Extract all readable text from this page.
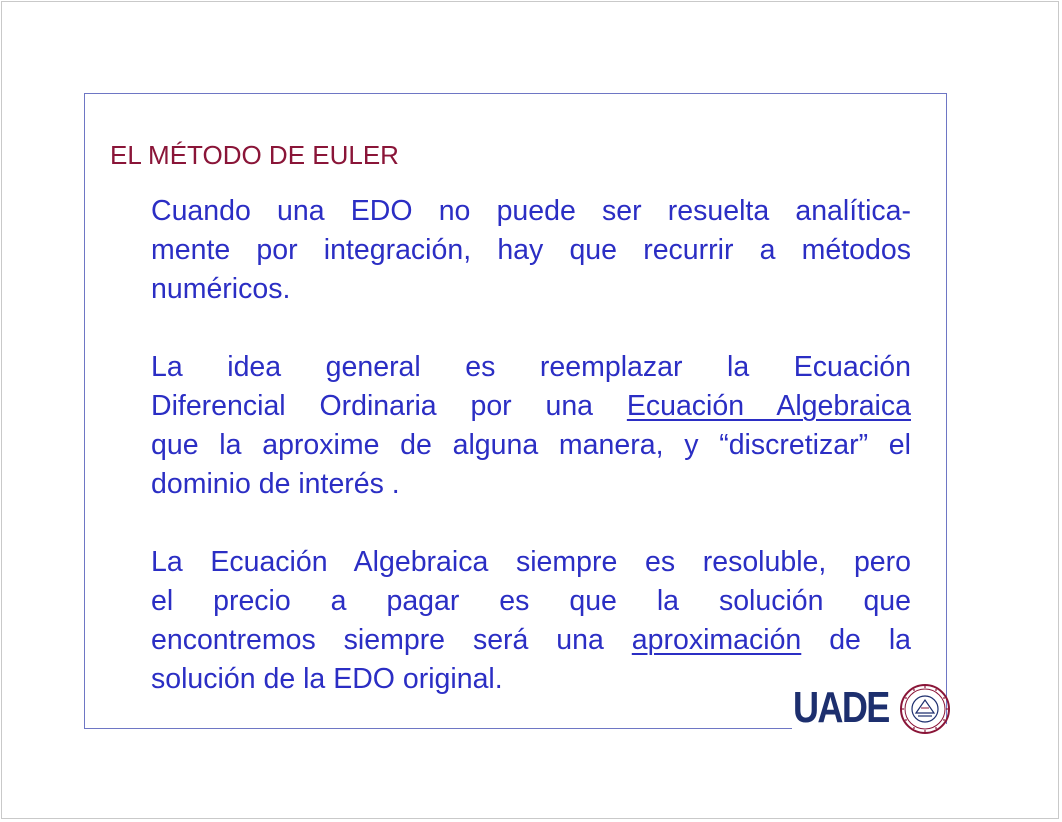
EL MÉTODO DE EULER

Cuando una EDO no puede ser resuelta analítica-
mente por integración, hay que recurrir a métodos
numéricos.

La idea general es reemplazar la Ecuación
Diferencial Ordinaria por una Ecuación Algebraica
que la aproxime de alguna manera, y “discretizar” el
dominio de interés .

La Ecuación Algebraica siempre es resoluble, pero
el precio a pagar es que la solución que
encontremos siempre será una aproximación de la
solución de la EDO original.

UADE
